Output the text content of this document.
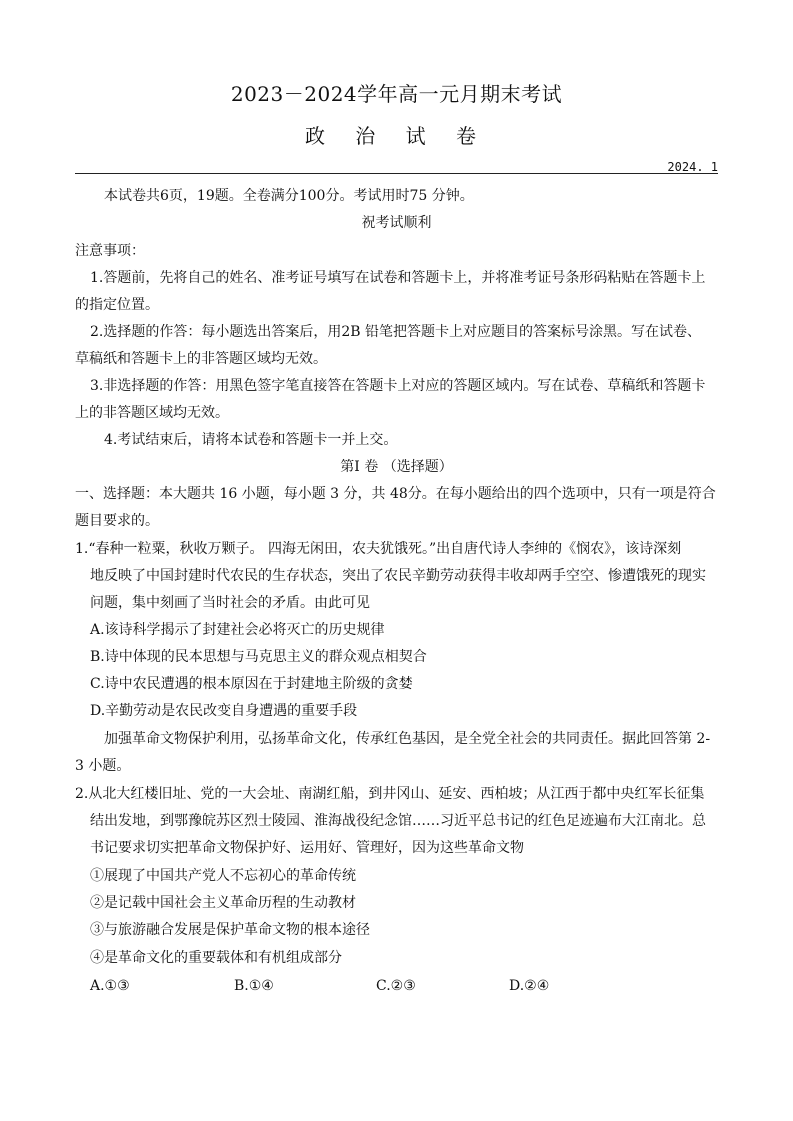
2023－2024学年高一元月期末考试
政 治 试 卷
2024. 1
本试卷共6页，19题。全卷满分100分。考试用时75 分钟。
祝考试顺利
注意事项：
1.答题前，先将自己的姓名、准考证号填写在试卷和答题卡上，并将准考证号条形码粘贴在答题卡上
的指定位置。
2.选择题的作答：每小题选出答案后，用2B 铅笔把答题卡上对应题目的答案标号涂黑。写在试卷、
草稿纸和答题卡上的非答题区域均无效。
3.非选择题的作答：用黑色签字笔直接答在答题卡上对应的答题区域内。写在试卷、草稿纸和答题卡
上的非答题区域均无效。
4.考试结束后，请将本试卷和答题卡一并上交。
第Ⅰ 卷 （选择题）
一、选择题：本大题共 16 小题，每小题 3 分，共 48分。在每小题给出的四个选项中，只有一项是符合
题目要求的。
1.“春种一粒粟，秋收万颗子。 四海无闲田，农夫犹饿死。”出自唐代诗人李绅的《悯农》，该诗深刻
地反映了中国封建时代农民的生存状态，突出了农民辛勤劳动获得丰收却两手空空、惨遭饿死的现实
问题，集中刻画了当时社会的矛盾。由此可见
A.该诗科学揭示了封建社会必将灭亡的历史规律
B.诗中体现的民本思想与马克思主义的群众观点相契合
C.诗中农民遭遇的根本原因在于封建地主阶级的贪婪
D.辛勤劳动是农民改变自身遭遇的重要手段
加强革命文物保护利用，弘扬革命文化，传承红色基因，是全党全社会的共同责任。据此回答第 2-
3 小题。
2.从北大红楼旧址、党的一大会址、南湖红船，到井冈山、延安、西柏坡；从江西于都中央红军长征集
结出发地，到鄂豫皖苏区烈士陵园、淮海战役纪念馆……习近平总书记的红色足迹遍布大江南北。总
书记要求切实把革命文物保护好、运用好、管理好，因为这些革命文物
①展现了中国共产党人不忘初心的革命传统
②是记载中国社会主义革命历程的生动教材
③与旅游融合发展是保护革命文物的根本途径
④是革命文化的重要载体和有机组成部分
A.①③	B.①④	C.②③	D.②④
